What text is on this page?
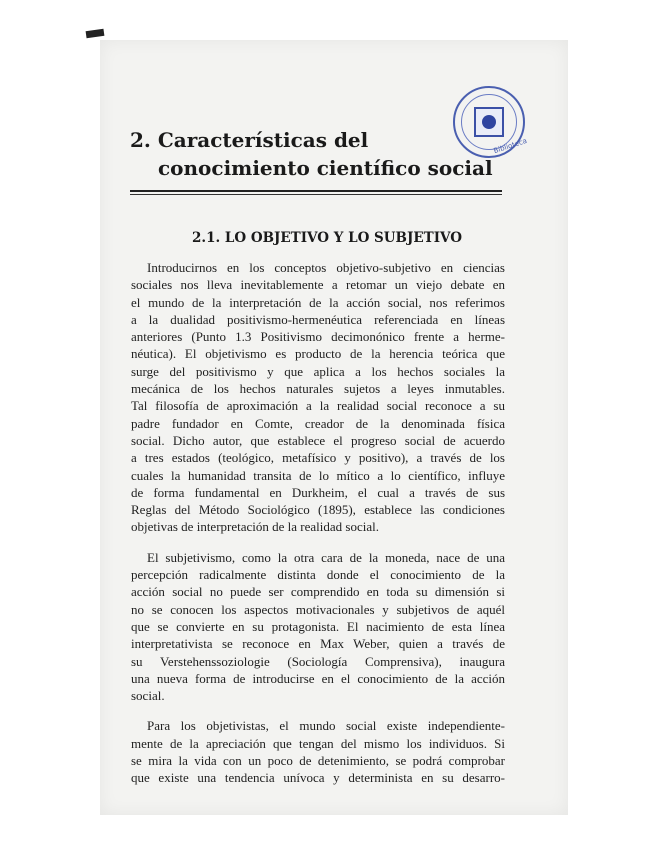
Biblioteca
2. Características del
conocimiento científico social
2.1. LO OBJETIVO Y LO SUBJETIVO
Introducirnos en los conceptos objetivo-subjetivo en ciencias
sociales nos lleva inevitablemente a retomar un viejo debate en
el mundo de la interpretación de la acción social, nos referimos
a la dualidad positivismo-hermenéutica referenciada en líneas
anteriores (Punto 1.3 Positivismo decimonónico frente a herme-
néutica). El objetivismo es producto de la herencia teórica que
surge del positivismo y que aplica a los hechos sociales la
mecánica de los hechos naturales sujetos a leyes inmutables.
Tal filosofía de aproximación a la realidad social reconoce a su
padre fundador en Comte, creador de la denominada física
social. Dicho autor, que establece el progreso social de acuerdo
a tres estados (teológico, metafísico y positivo), a través de los
cuales la humanidad transita de lo mítico a lo científico, influye
de forma fundamental en Durkheim, el cual a través de sus
Reglas del Método Sociológico (1895), establece las condiciones
objetivas de interpretación de la realidad social.
El subjetivismo, como la otra cara de la moneda, nace de una
percepción radicalmente distinta donde el conocimiento de la
acción social no puede ser comprendido en toda su dimensión si
no se conocen los aspectos motivacionales y subjetivos de aquél
que se convierte en su protagonista. El nacimiento de esta línea
interpretativista se reconoce en Max Weber, quien a través de
su Verstehenssoziologie (Sociología Comprensiva), inaugura
una nueva forma de introducirse en el conocimiento de la acción
social.
Para los objetivistas, el mundo social existe independiente-
mente de la apreciación que tengan del mismo los individuos. Si
se mira la vida con un poco de detenimiento, se podrá comprobar
que existe una tendencia unívoca y determinista en su desarro-
